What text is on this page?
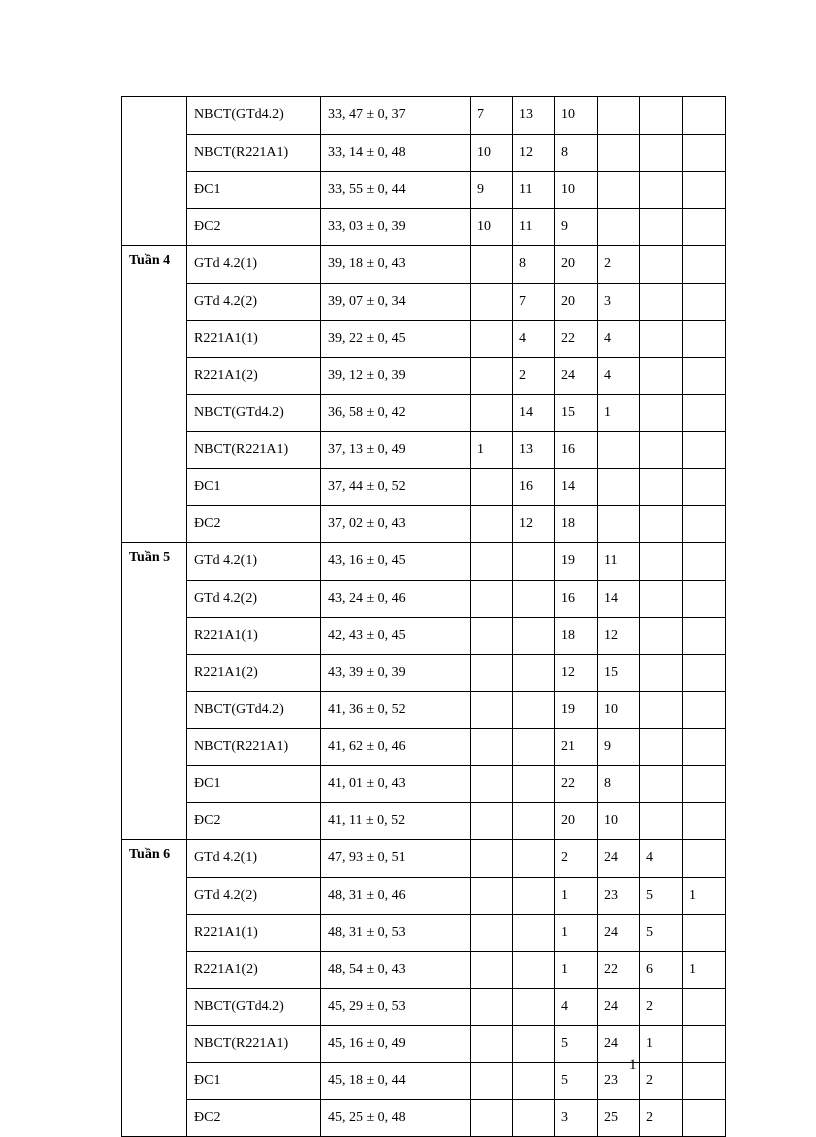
	NBCT(GTd4.2)	33, 47 ± 0, 37	7	13	10			
	NBCT(R221A1)	33, 14 ± 0, 48	10	12	8			
	ĐC1	33, 55 ± 0, 44	9	11	10			
	ĐC2	33, 03 ± 0, 39	10	11	9			
Tuần 4	GTd 4.2(1)	39, 18 ± 0, 43		8	20	2		
	GTd 4.2(2)	39, 07 ± 0, 34		7	20	3		
	R221A1(1)	39, 22 ± 0, 45		4	22	4		
	R221A1(2)	39, 12 ± 0, 39		2	24	4		
	NBCT(GTd4.2)	36, 58 ± 0, 42		14	15	1		
	NBCT(R221A1)	37, 13 ± 0, 49	1	13	16			
	ĐC1	37, 44 ± 0, 52		16	14			
	ĐC2	37, 02 ± 0, 43		12	18			
Tuần 5	GTd 4.2(1)	43, 16 ± 0, 45			19	11		
	GTd 4.2(2)	43, 24 ± 0, 46			16	14		
	R221A1(1)	42, 43 ± 0, 45			18	12		
	R221A1(2)	43, 39 ± 0, 39			12	15		
	NBCT(GTd4.2)	41, 36 ± 0, 52			19	10		
	NBCT(R221A1)	41, 62 ± 0, 46			21	9		
	ĐC1	41, 01 ± 0, 43			22	8		
	ĐC2	41, 11 ± 0, 52			20	10		
Tuần 6	GTd 4.2(1)	47, 93 ± 0, 51			2	24	4	
	GTd 4.2(2)	48, 31 ± 0, 46			1	23	5	1
	R221A1(1)	48, 31 ± 0, 53			1	24	5	
	R221A1(2)	48, 54 ± 0, 43			1	22	6	1
	NBCT(GTd4.2)	45, 29 ± 0, 53			4	24	2	
	NBCT(R221A1)	45, 16 ± 0, 49			5	24	1	
	ĐC1	45, 18 ± 0, 44			5	23	2	
	ĐC2	45, 25 ± 0, 48			3	25	2	
1
